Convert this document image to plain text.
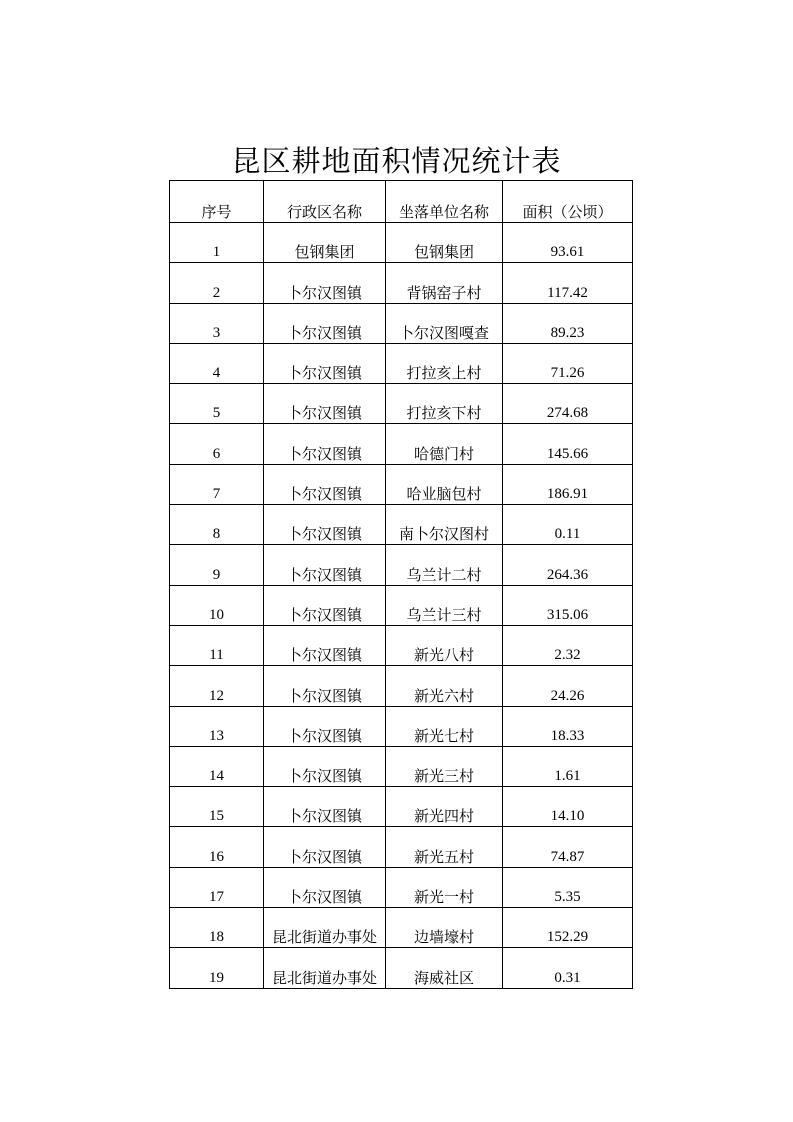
昆区耕地面积情况统计表
序号	行政区名称	坐落单位名称	面积（公顷）
1	包钢集团	包钢集团	93.61
2	卜尔汉图镇	背锅窑子村	117.42
3	卜尔汉图镇	卜尔汉图嘎查	89.23
4	卜尔汉图镇	打拉亥上村	71.26
5	卜尔汉图镇	打拉亥下村	274.68
6	卜尔汉图镇	哈德门村	145.66
7	卜尔汉图镇	哈业脑包村	186.91
8	卜尔汉图镇	南卜尔汉图村	0.11
9	卜尔汉图镇	乌兰计二村	264.36
10	卜尔汉图镇	乌兰计三村	315.06
11	卜尔汉图镇	新光八村	2.32
12	卜尔汉图镇	新光六村	24.26
13	卜尔汉图镇	新光七村	18.33
14	卜尔汉图镇	新光三村	1.61
15	卜尔汉图镇	新光四村	14.10
16	卜尔汉图镇	新光五村	74.87
17	卜尔汉图镇	新光一村	5.35
18	昆北街道办事处	边墙壕村	152.29
19	昆北街道办事处	海威社区	0.31
